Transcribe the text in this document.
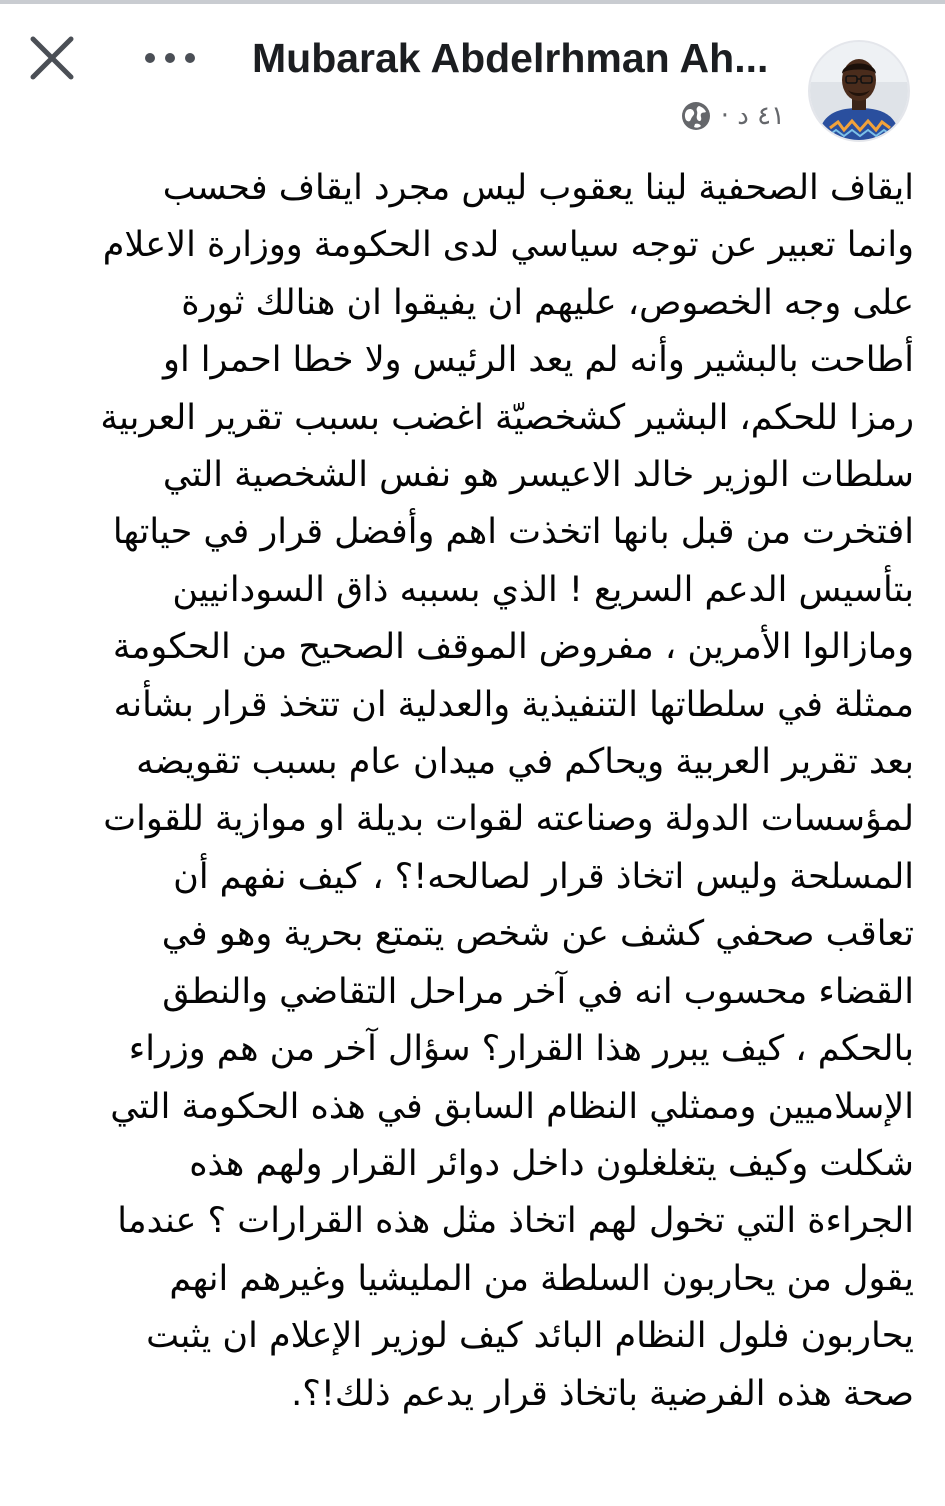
Mubarak Abdelrhman Ah...
٤١ د ·
ايقاف الصحفية لينا يعقوب ليس مجرد ايقاف فحسب
وانما تعبير عن توجه سياسي لدى الحكومة ووزارة الاعلام
على وجه الخصوص، عليهم ان يفيقوا ان هنالك ثورة
أطاحت بالبشير وأنه لم يعد الرئيس ولا خطا احمرا او
رمزا للحكم، البشير كشخصيّة اغضب بسبب تقرير العربية
سلطات الوزير خالد الاعيسر هو نفس الشخصية التي
افتخرت من قبل بانها اتخذت اهم وأفضل قرار في حياتها
بتأسيس الدعم السريع ! الذي بسببه ذاق السودانيين
ومازالوا الأمرين ، مفروض الموقف الصحيح من الحكومة
ممثلة في سلطاتها التنفيذية والعدلية ان تتخذ قرار بشأنه
بعد تقرير العربية ويحاكم في ميدان عام بسبب تقويضه
لمؤسسات الدولة وصناعته لقوات بديلة او موازية للقوات
المسلحة وليس اتخاذ قرار لصالحه!؟ ، كيف نفهم أن
تعاقب صحفي كشف عن شخص يتمتع بحرية وهو في
القضاء محسوب انه في آخر مراحل التقاضي والنطق
بالحكم ، كيف يبرر هذا القرار؟ سؤال آخر من هم وزراء
الإسلاميين وممثلي النظام السابق في هذه الحكومة التي
شكلت وكيف يتغلغلون داخل دوائر القرار ولهم هذه
الجراءة التي تخول لهم اتخاذ مثل هذه القرارات ؟ عندما
يقول من يحاربون السلطة من المليشيا وغيرهم انهم
يحاربون فلول النظام البائد كيف لوزير الإعلام ان يثبت
صحة هذه الفرضية باتخاذ قرار يدعم ذلك!؟.
